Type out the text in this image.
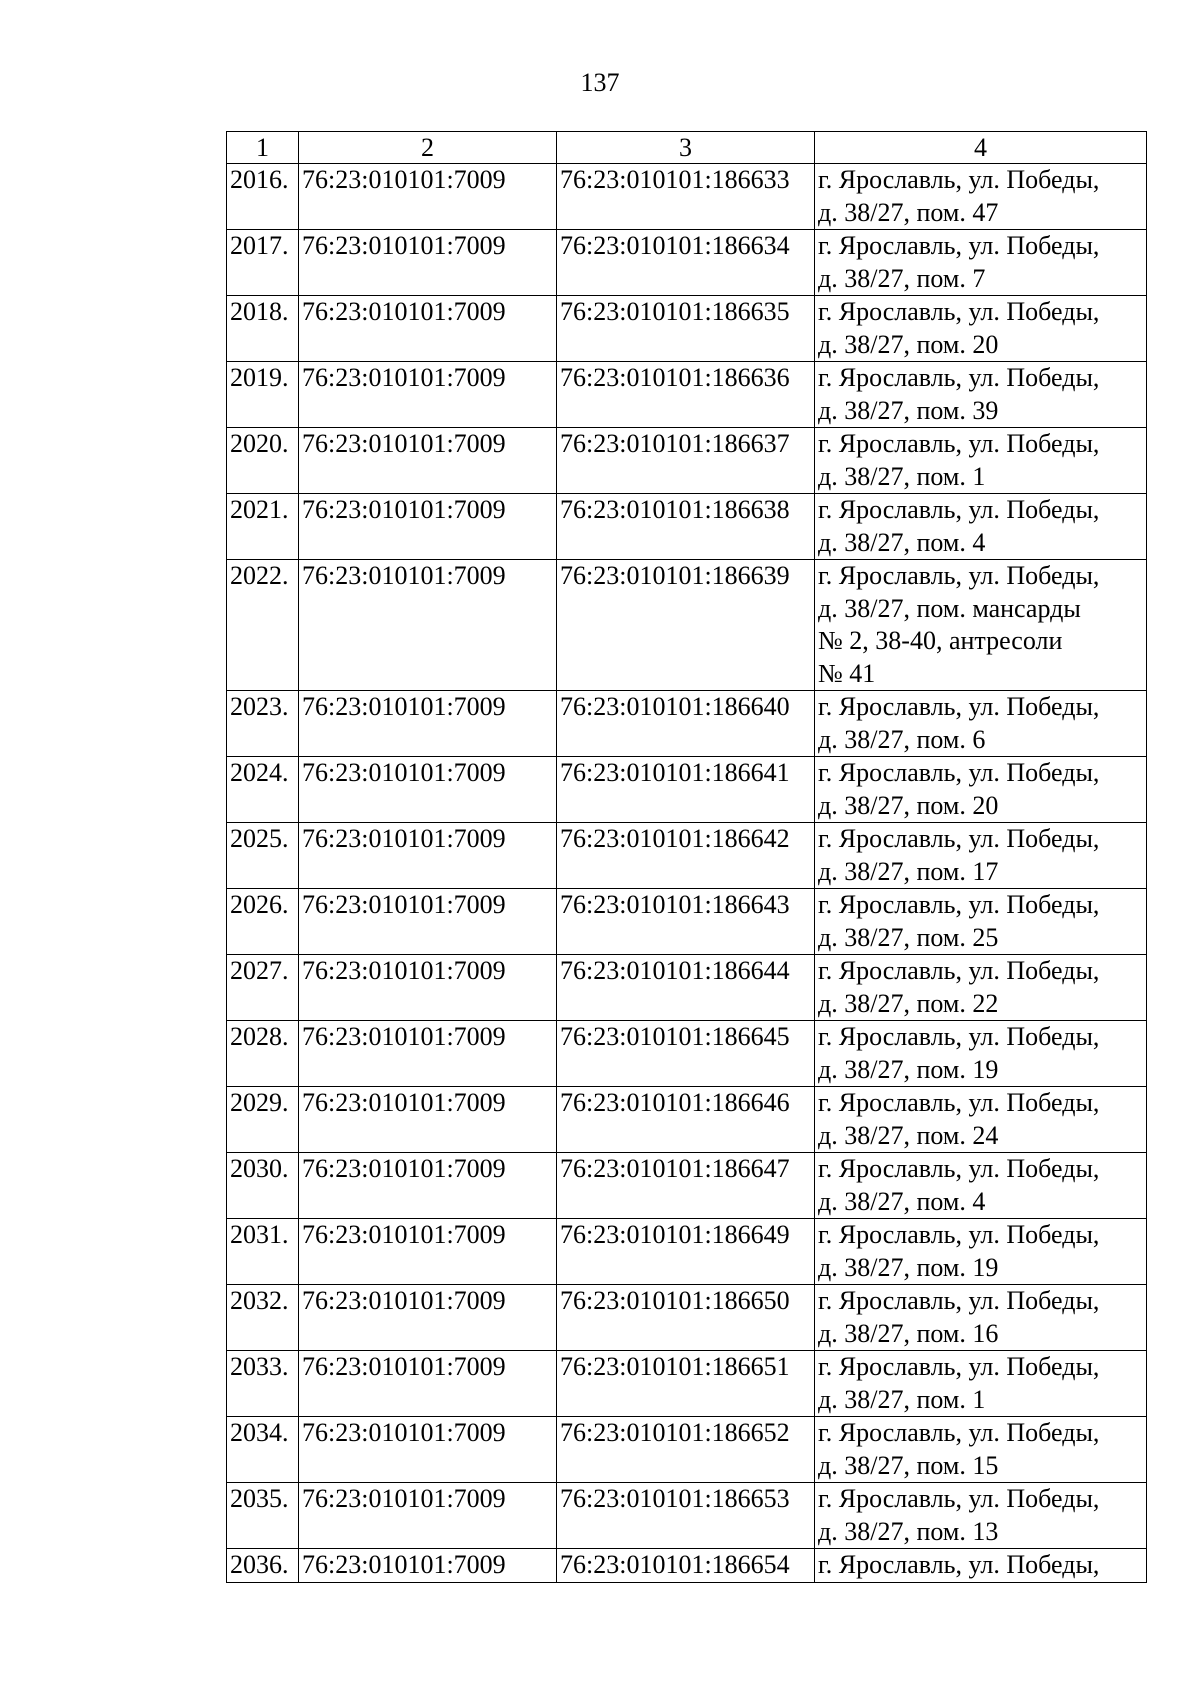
137
1	2	3	4
2016.	76:23:010101:7009	76:23:010101:186633	г. Ярославль, ул. Победы,
д. 38/27, пом. 47

2017.	76:23:010101:7009	76:23:010101:186634	г. Ярославль, ул. Победы,
д. 38/27, пом. 7

2018.	76:23:010101:7009	76:23:010101:186635	г. Ярославль, ул. Победы,
д. 38/27, пом. 20

2019.	76:23:010101:7009	76:23:010101:186636	г. Ярославль, ул. Победы,
д. 38/27, пом. 39

2020.	76:23:010101:7009	76:23:010101:186637	г. Ярославль, ул. Победы,
д. 38/27, пом. 1

2021.	76:23:010101:7009	76:23:010101:186638	г. Ярославль, ул. Победы,
д. 38/27, пом. 4

2022.	76:23:010101:7009	76:23:010101:186639	г. Ярославль, ул. Победы,
д. 38/27, пом. мансарды
№ 2, 38-40, антресоли
№ 41

2023.	76:23:010101:7009	76:23:010101:186640	г. Ярославль, ул. Победы,
д. 38/27, пом. 6

2024.	76:23:010101:7009	76:23:010101:186641	г. Ярославль, ул. Победы,
д. 38/27, пом. 20

2025.	76:23:010101:7009	76:23:010101:186642	г. Ярославль, ул. Победы,
д. 38/27, пом. 17

2026.	76:23:010101:7009	76:23:010101:186643	г. Ярославль, ул. Победы,
д. 38/27, пом. 25

2027.	76:23:010101:7009	76:23:010101:186644	г. Ярославль, ул. Победы,
д. 38/27, пом. 22

2028.	76:23:010101:7009	76:23:010101:186645	г. Ярославль, ул. Победы,
д. 38/27, пом. 19

2029.	76:23:010101:7009	76:23:010101:186646	г. Ярославль, ул. Победы,
д. 38/27, пом. 24

2030.	76:23:010101:7009	76:23:010101:186647	г. Ярославль, ул. Победы,
д. 38/27, пом. 4

2031.	76:23:010101:7009	76:23:010101:186649	г. Ярославль, ул. Победы,
д. 38/27, пом. 19

2032.	76:23:010101:7009	76:23:010101:186650	г. Ярославль, ул. Победы,
д. 38/27, пом. 16

2033.	76:23:010101:7009	76:23:010101:186651	г. Ярославль, ул. Победы,
д. 38/27, пом. 1

2034.	76:23:010101:7009	76:23:010101:186652	г. Ярославль, ул. Победы,
д. 38/27, пом. 15

2035.	76:23:010101:7009	76:23:010101:186653	г. Ярославль, ул. Победы,
д. 38/27, пом. 13

2036.	76:23:010101:7009	76:23:010101:186654	г. Ярославль, ул. Победы,
